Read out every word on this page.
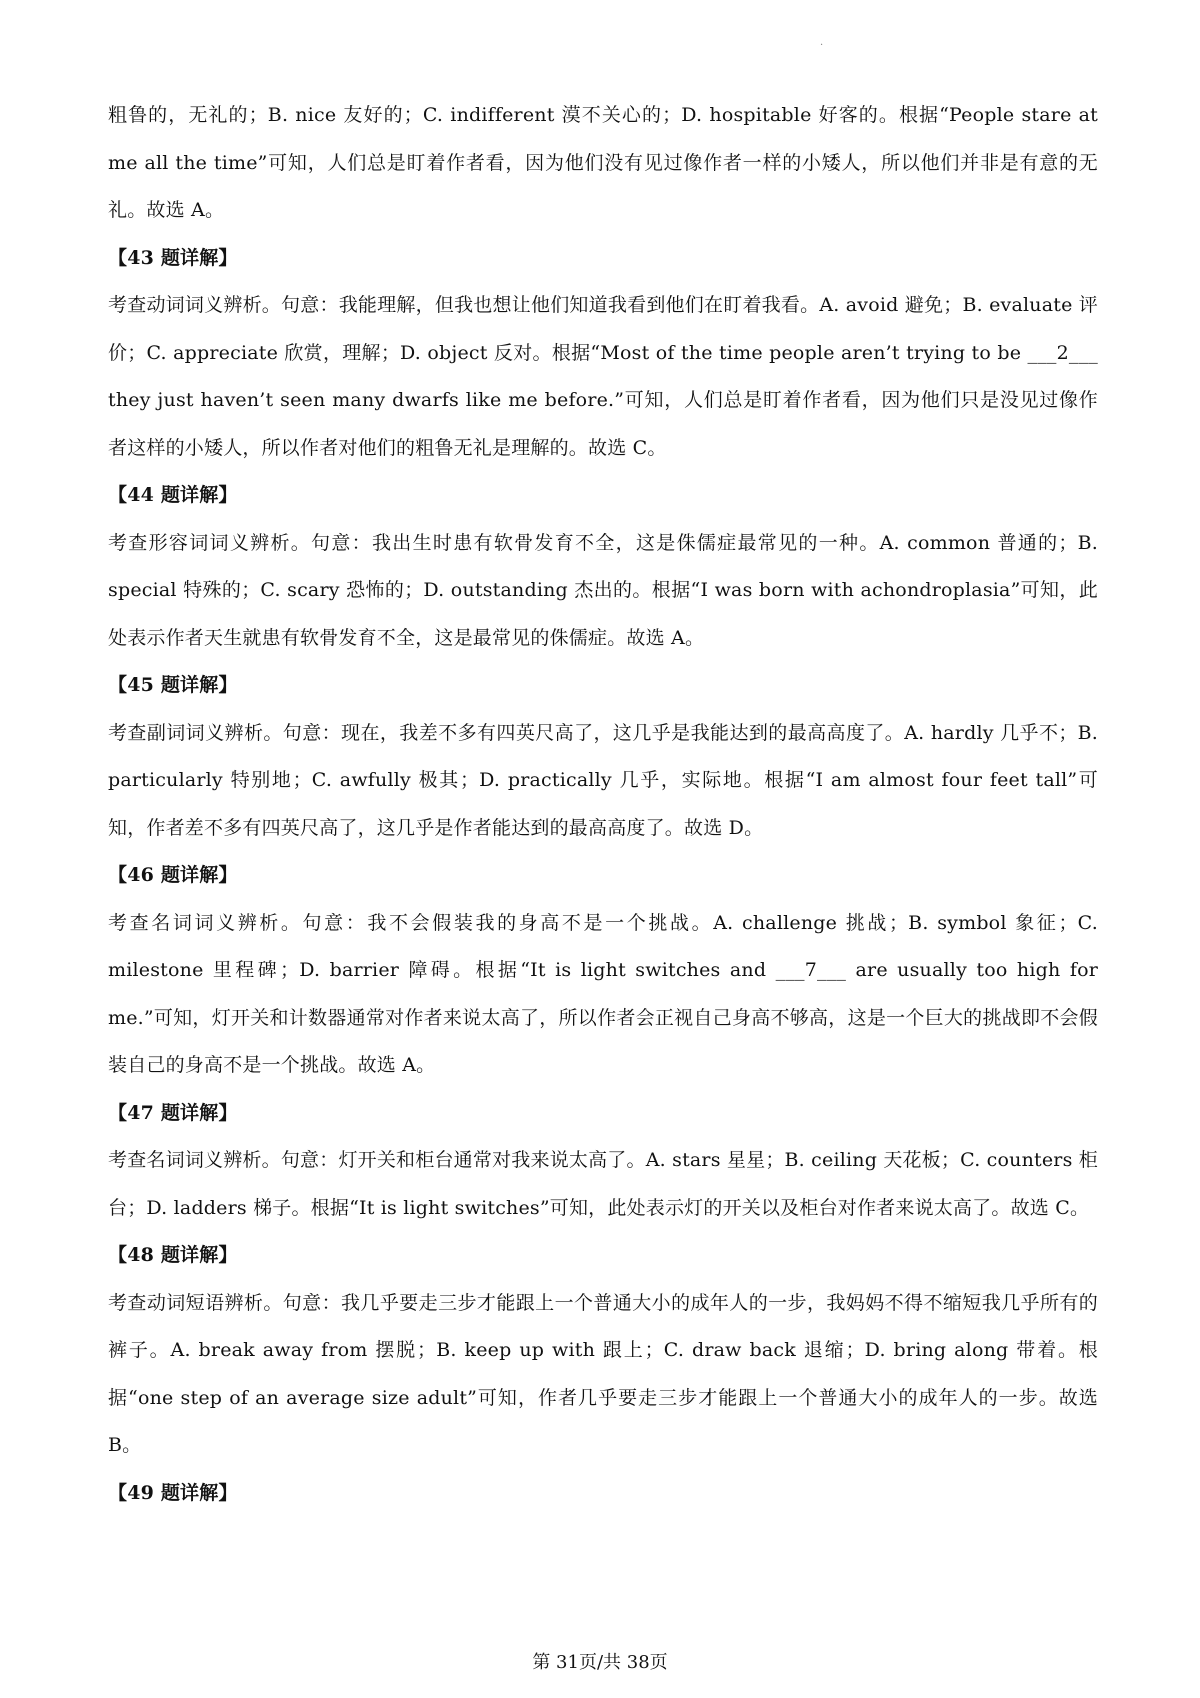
·

粗鲁的，无礼的；B. nice 友好的；C. indifferent 漠不关心的；D. hospitable 好客的。根据“People stare at me all the time”可知，人们总是盯着作者看，因为他们没有见过像作者一样的小矮人，所以他们并非是有意的无礼。故选 A。

【43 题详解】

考查动词词义辨析。句意：我能理解，但我也想让他们知道我看到他们在盯着我看。A. avoid 避免；B. evaluate 评价；C. appreciate 欣赏，理解；D. object 反对。根据“Most of the time people aren’t trying to be ___2___ they just haven’t seen many dwarfs like me before.”可知，人们总是盯着作者看，因为他们只是没见过像作者这样的小矮人，所以作者对他们的粗鲁无礼是理解的。故选 C。

【44 题详解】

考查形容词词义辨析。句意：我出生时患有软骨发育不全，这是侏儒症最常见的一种。A. common 普通的；B. special 特殊的；C. scary 恐怖的；D. outstanding 杰出的。根据“I was born with achondroplasia”可知，此处表示作者天生就患有软骨发育不全，这是最常见的侏儒症。故选 A。

【45 题详解】

考查副词词义辨析。句意：现在，我差不多有四英尺高了，这几乎是我能达到的最高高度了。A. hardly 几乎不；B. particularly 特别地；C. awfully 极其；D. practically 几乎，实际地。根据“I am almost four feet tall”可知，作者差不多有四英尺高了，这几乎是作者能达到的最高高度了。故选 D。

【46 题详解】

考查名词词义辨析。句意：我不会假装我的身高不是一个挑战。A. challenge 挑战；B. symbol 象征；C. milestone 里程碑；D. barrier 障碍。根据“It is light switches and ___7___ are usually too high for me.”可知，灯开关和计数器通常对作者来说太高了，所以作者会正视自己身高不够高，这是一个巨大的挑战即不会假装自己的身高不是一个挑战。故选 A。

【47 题详解】

考查名词词义辨析。句意：灯开关和柜台通常对我来说太高了。A. stars 星星；B. ceiling 天花板；C. counters 柜台；D. ladders 梯子。根据“It is light switches”可知，此处表示灯的开关以及柜台对作者来说太高了。故选 C。

【48 题详解】

考查动词短语辨析。句意：我几乎要走三步才能跟上一个普通大小的成年人的一步，我妈妈不得不缩短我几乎所有的裤子。A. break away from 摆脱；B. keep up with 跟上；C. draw back 退缩；D. bring along 带着。根据“one step of an average size adult”可知，作者几乎要走三步才能跟上一个普通大小的成年人的一步。故选 B。

【49 题详解】

第 31页/共 38页
